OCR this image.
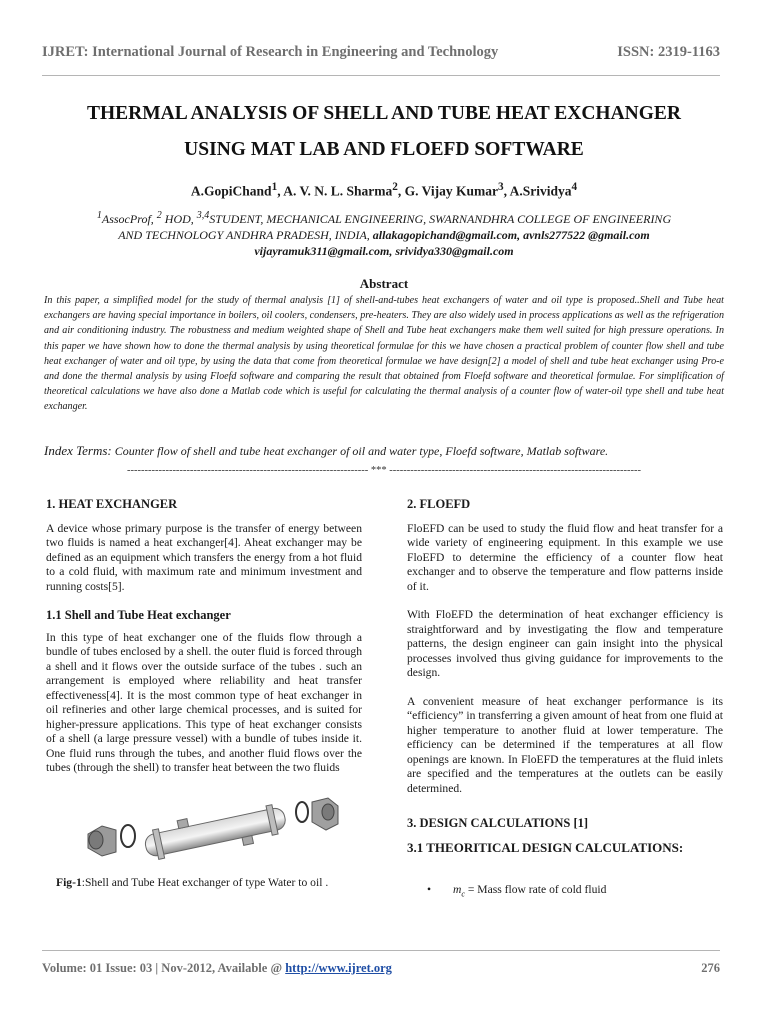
IJRET: International Journal of Research in Engineering and Technology	ISSN: 2319-1163
THERMAL ANALYSIS OF SHELL AND TUBE HEAT EXCHANGER
USING MAT LAB AND FLOEFD SOFTWARE
A.GopiChand$^1$, A. V. N. L. Sharma$^2$, G. Vijay Kumar$^3$, A.Srividya$^4$
$^1$AssocProf, $^2$ HOD, $^{3,4}$STUDENT, MECHANICAL ENGINEERING, SWARNANDHRA COLLEGE OF ENGINEERING
AND TECHNOLOGY ANDHRA PRADESH, INDIA, allakagopichand@gmail.com, avnls277522 @gmail.com
vijayramuk311@gmail.com, srividya330@gmail.com
Abstract
In this paper, a simplified model for the study of thermal analysis [1] of shell-and-tubes heat exchangers of water and oil type is proposed..Shell and Tube heat exchangers are having special importance in boilers, oil coolers, condensers, pre-heaters. They are also widely used in process applications as well as the refrigeration and air conditioning industry. The robustness and medium weighted shape of Shell and Tube heat exchangers make them well suited for high pressure operations. In this paper we have shown how to done the thermal analysis by using theoretical formulae for this we have chosen a practical problem of counter flow shell and tube heat exchanger of water and oil type, by using the data that come from theoretical formulae we have design[2] a model of shell and tube heat exchanger using Pro-e and done the thermal analysis by using Floefd software and comparing the result that obtained from Floefd software and theoretical formulae. For simplification of theoretical calculations we have also done a Matlab code which is useful for calculating the thermal analysis of a counter flow of water-oil type shell and tube heat exchanger.
Index Terms: Counter flow of shell and tube heat exchanger of oil and water type, Floefd software, Matlab software.
--------------------------------------------------------------------- *** ------------------------------------------------------------------------
1. HEAT EXCHANGER

A device whose primary purpose is the transfer of energy between two fluids is named a heat exchanger[4]. Aheat exchanger may be defined as an equipment which transfers the energy from a hot fluid to a cold fluid, with maximum rate and minimum investment and running costs[5].

1.1 Shell and Tube Heat exchanger

In this type of heat exchanger one of the fluids flow through a bundle of tubes enclosed by a shell. the outer fluid is forced through a shell and it flows over the outside surface of the tubes . such an arrangement is employed where reliability and heat transfer effectiveness[4]. It is the most common type of heat exchanger in oil refineries and other large chemical processes, and is suited for higher-pressure applications. This type of heat exchanger consists of a shell (a large pressure vessel) with a bundle of tubes inside it. One fluid runs through the tubes, and another fluid flows over the tubes (through the shell) to transfer heat between the two fluids

Fig-1:Shell and Tube Heat exchanger of type Water to oil .
2. FLOEFD

FloEFD can be used to study the fluid flow and heat transfer for a wide variety of engineering equipment. In this example we use FloEFD to determine the efficiency of a counter flow heat exchanger and to observe the temperature and flow patterns inside of it.

With FloEFD the determination of heat exchanger efficiency is straightforward and by investigating the flow and temperature patterns, the design engineer can gain insight into the physical processes involved thus giving guidance for improvements to the design.

A convenient measure of heat exchanger performance is its “efficiency” in transferring a given amount of heat from one fluid at higher temperature to another fluid at lower temperature. The efficiency can be determined if the temperatures at all flow openings are known. In FloEFD the temperatures at the fluid inlets are specified and the temperatures at the outlets can be easily determined.

3. DESIGN CALCULATIONS [1]
3.1 THEORITICAL DESIGN CALCULATIONS:
•	$m_c$ = Mass flow rate of cold fluid
Volume: 01 Issue: 03 | Nov-2012, Available @ http://www.ijret.org	276
